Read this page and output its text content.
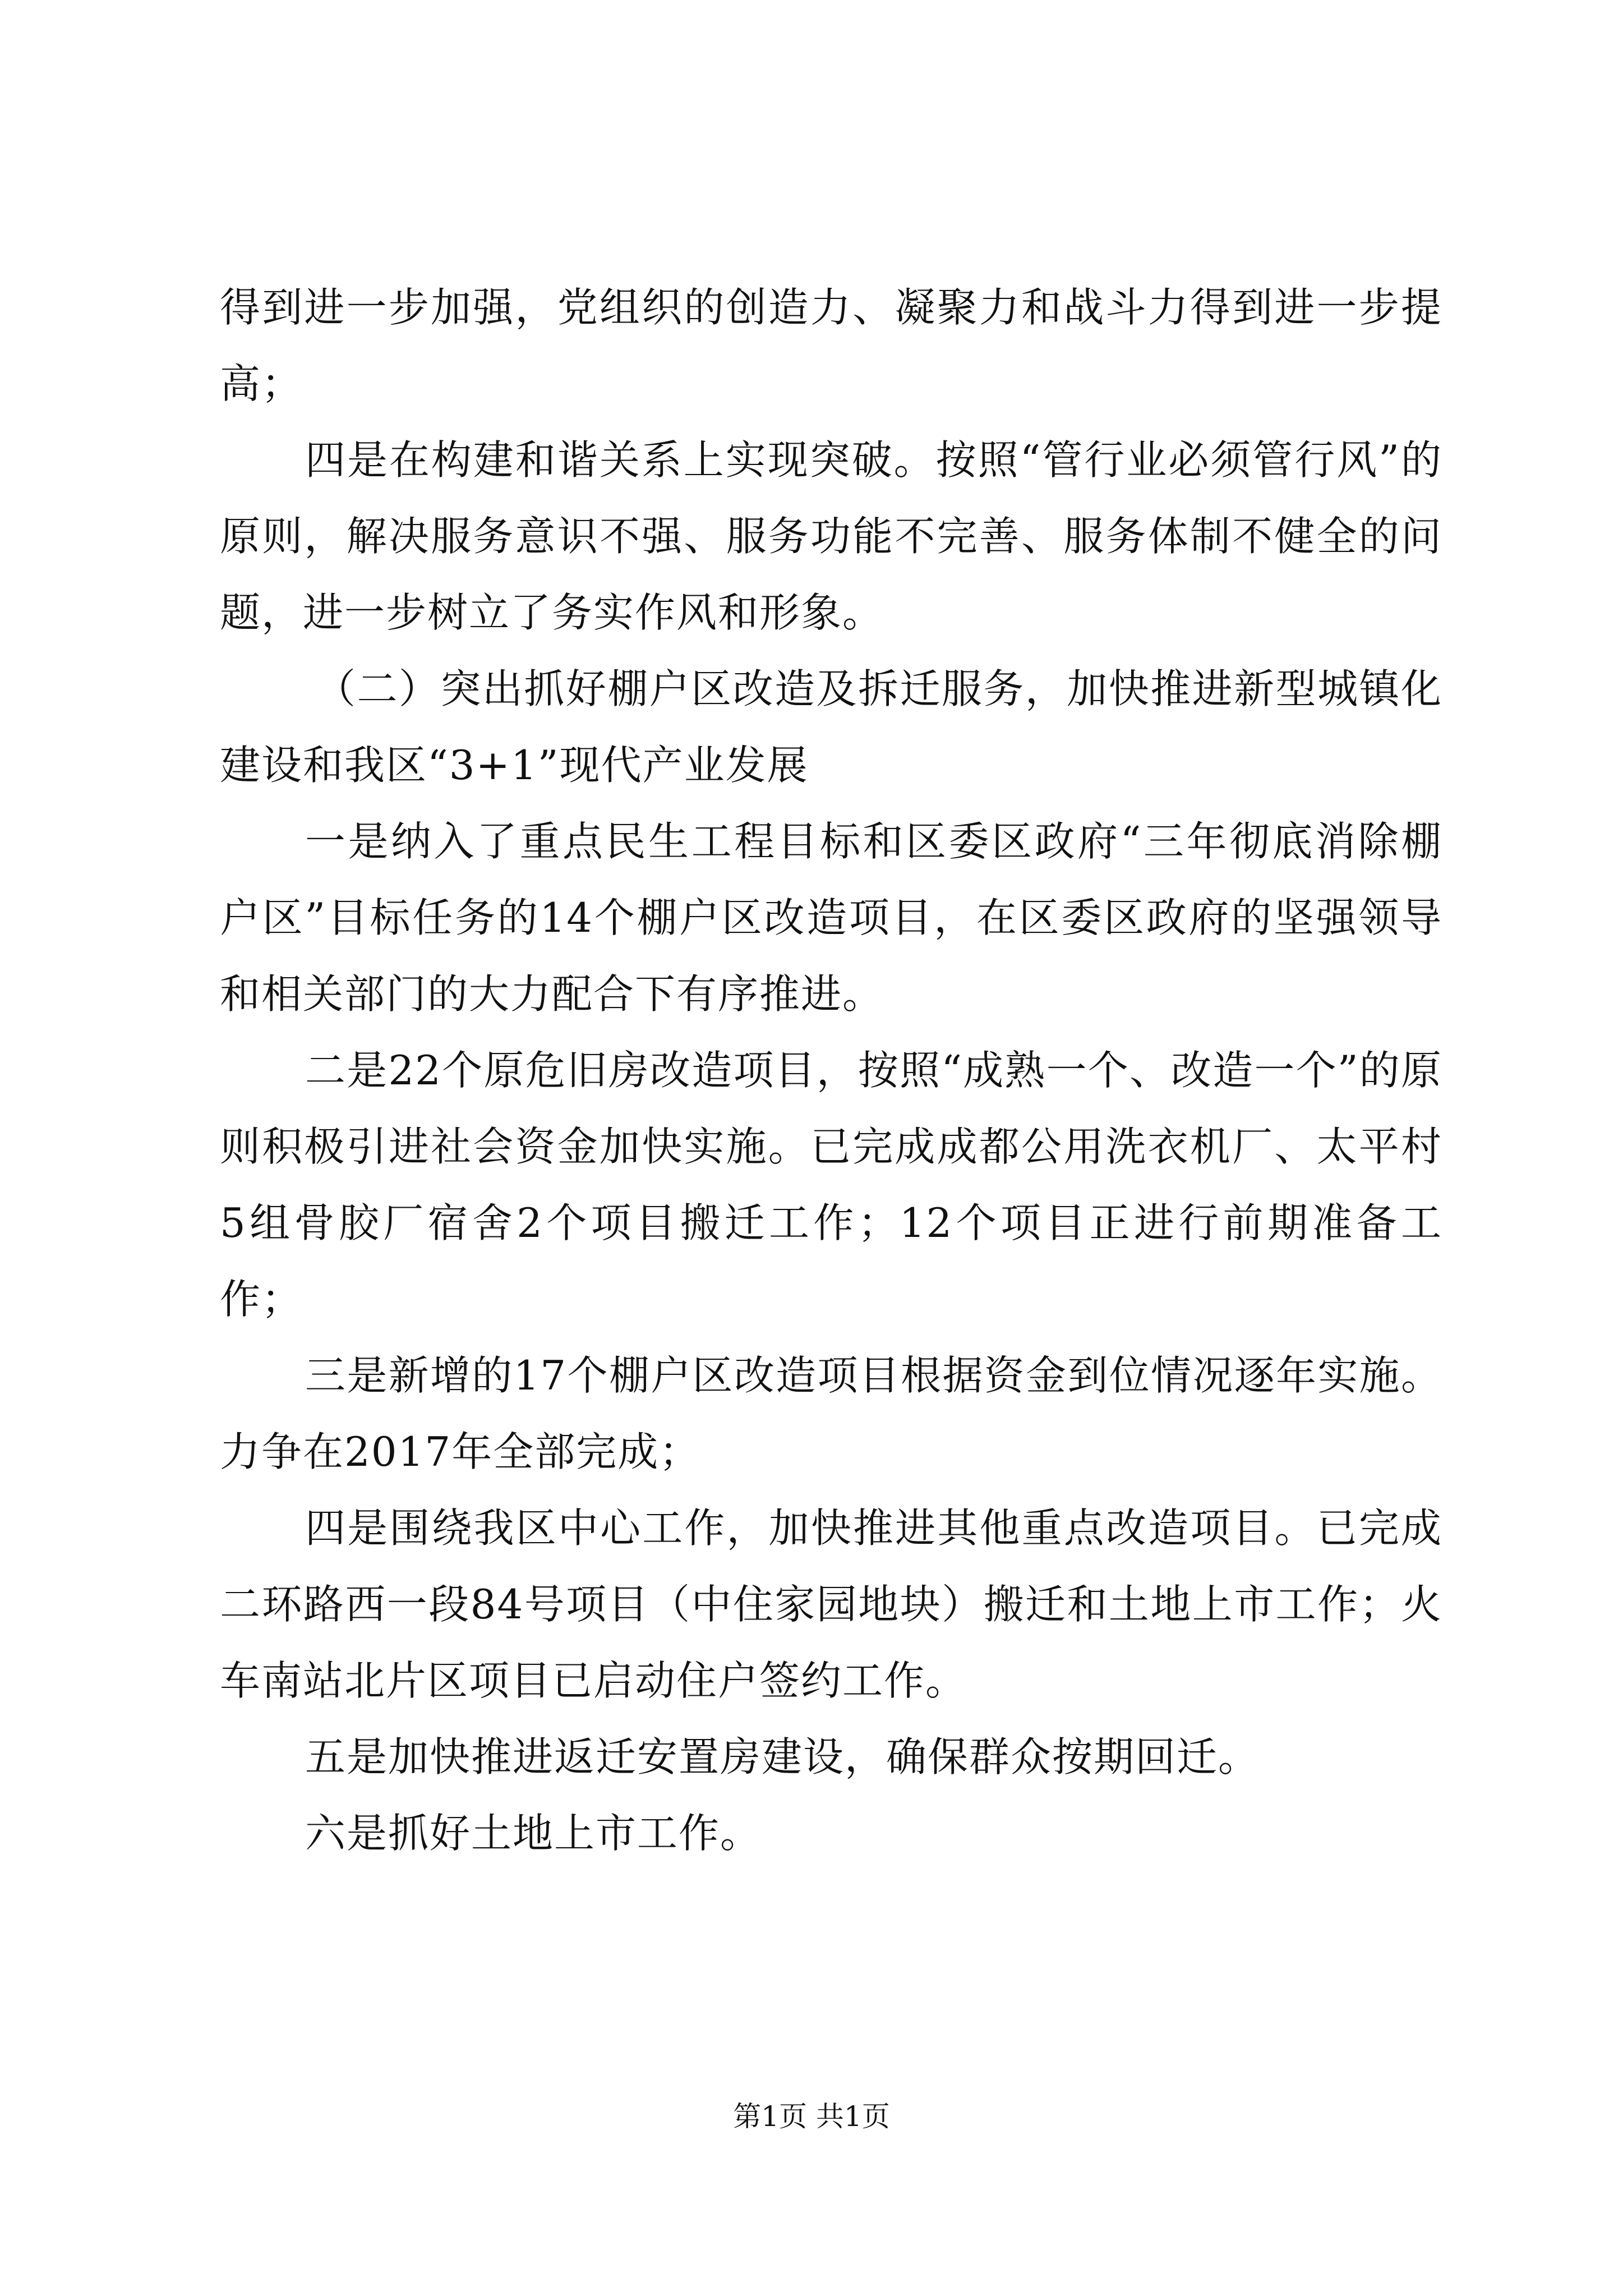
得到进一步加强，党组织的创造力、凝聚力和战斗力得到进一步提高；

四是在构建和谐关系上实现突破。按照“管行业必须管行风”的原则，解决服务意识不强、服务功能不完善、服务体制不健全的问题，进一步树立了务实作风和形象。

（二）突出抓好棚户区改造及拆迁服务，加快推进新型城镇化建设和我区“3+1”现代产业发展

一是纳入了重点民生工程目标和区委区政府“三年彻底消除棚户区”目标任务的14个棚户区改造项目，在区委区政府的坚强领导和相关部门的大力配合下有序推进。

二是22个原危旧房改造项目，按照“成熟一个、改造一个”的原则积极引进社会资金加快实施。已完成成都公用洗衣机厂、太平村5组骨胶厂宿舍2个项目搬迁工作；12个项目正进行前期准备工作；

三是新增的17个棚户区改造项目根据资金到位情况逐年实施。力争在2017年全部完成；

四是围绕我区中心工作，加快推进其他重点改造项目。已完成二环路西一段84号项目（中住家园地块）搬迁和土地上市工作；火车南站北片区项目已启动住户签约工作。

五是加快推进返迁安置房建设，确保群众按期回迁。

六是抓好土地上市工作。

第1页 共1页
